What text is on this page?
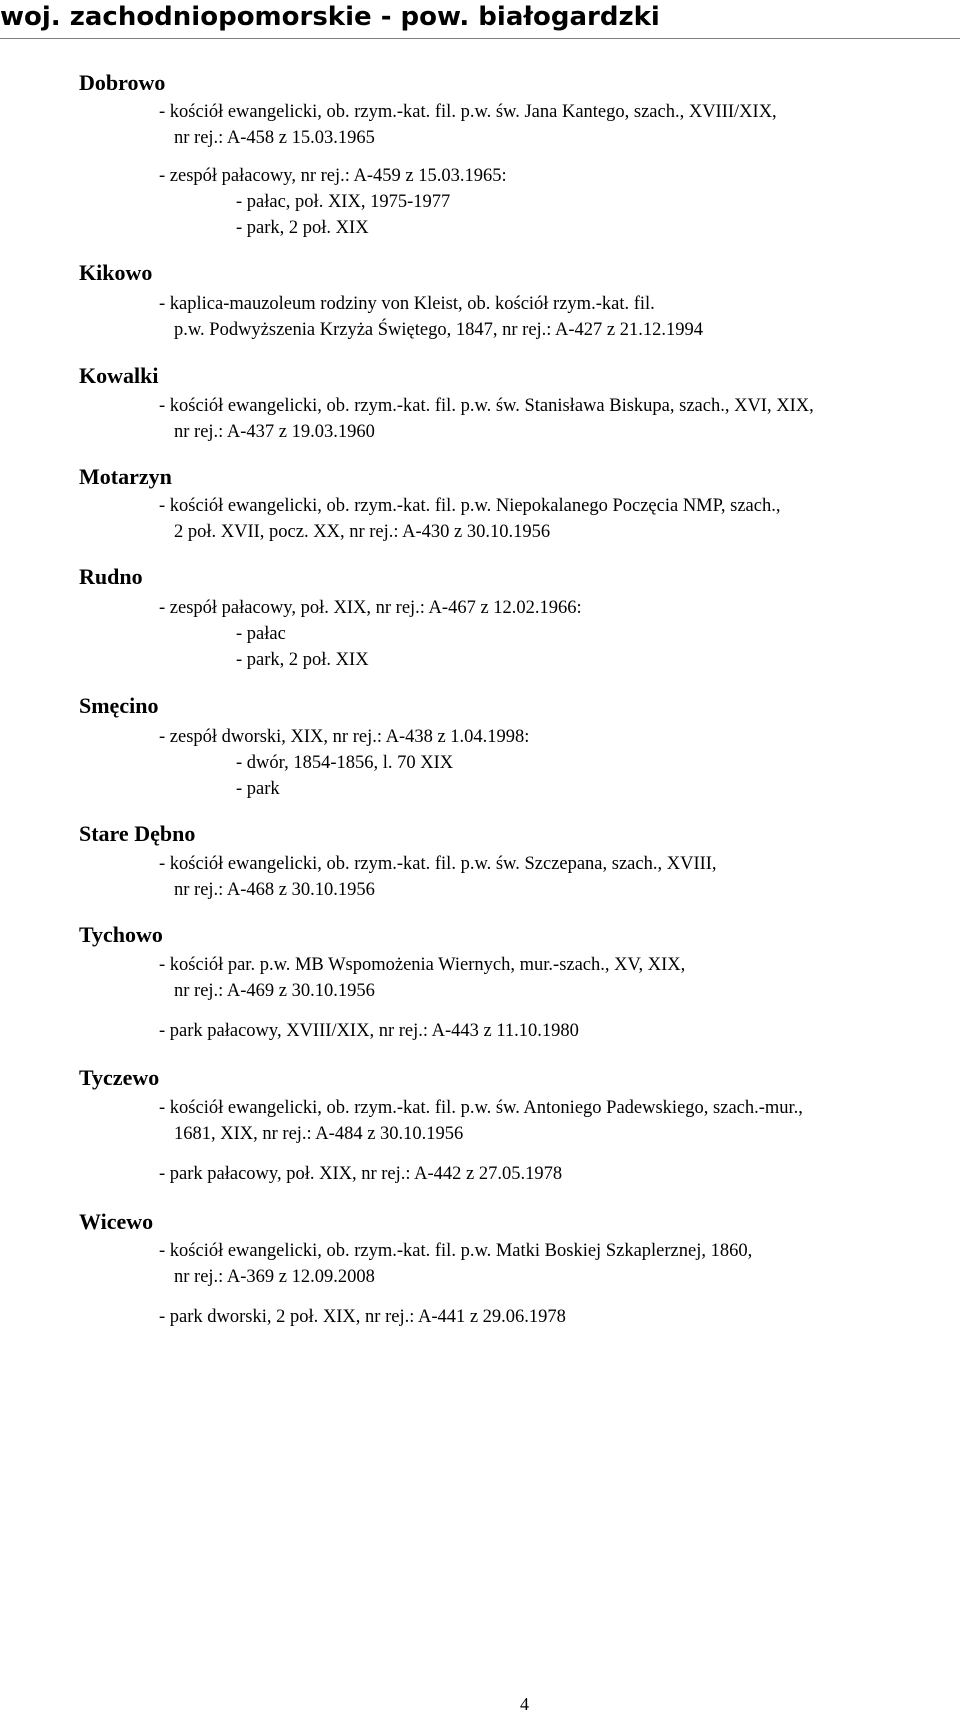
woj. zachodniopomorskie - pow. białogardzki
Dobrowo
- kościół ewangelicki, ob. rzym.-kat. fil. p.w. św. Jana Kantego, szach., XVIII/XIX,
nr rej.: A-458 z 15.03.1965
- zespół pałacowy, nr rej.: A-459 z 15.03.1965:
- pałac, poł. XIX, 1975-1977
- park, 2 poł. XIX
Kikowo
- kaplica-mauzoleum rodziny von Kleist, ob. kościół rzym.-kat. fil.
p.w. Podwyższenia Krzyża Świętego, 1847, nr rej.: A-427 z 21.12.1994
Kowalki
- kościół ewangelicki, ob. rzym.-kat. fil. p.w. św. Stanisława Biskupa, szach., XVI, XIX,
nr rej.: A-437 z 19.03.1960
Motarzyn
- kościół ewangelicki, ob. rzym.-kat. fil. p.w. Niepokalanego Poczęcia NMP, szach.,
2 poł. XVII, pocz. XX, nr rej.: A-430 z 30.10.1956
Rudno
- zespół pałacowy, poł. XIX, nr rej.: A-467 z 12.02.1966:
- pałac
- park, 2 poł. XIX
Smęcino
- zespół dworski, XIX, nr rej.: A-438 z 1.04.1998:
- dwór, 1854-1856, l. 70 XIX
- park
Stare Dębno
- kościół ewangelicki, ob. rzym.-kat. fil. p.w. św. Szczepana, szach., XVIII,
nr rej.: A-468 z 30.10.1956
Tychowo
- kościół par. p.w. MB Wspomożenia Wiernych, mur.-szach., XV, XIX,
nr rej.: A-469 z 30.10.1956
- park pałacowy, XVIII/XIX, nr rej.: A-443 z 11.10.1980
Tyczewo
- kościół ewangelicki, ob. rzym.-kat. fil. p.w. św. Antoniego Padewskiego, szach.-mur.,
1681, XIX, nr rej.: A-484 z 30.10.1956
- park pałacowy, poł. XIX, nr rej.: A-442 z 27.05.1978
Wicewo
- kościół ewangelicki, ob. rzym.-kat. fil. p.w. Matki Boskiej Szkaplerznej, 1860,
nr rej.: A-369 z 12.09.2008
- park dworski, 2 poł. XIX, nr rej.: A-441 z 29.06.1978
4
